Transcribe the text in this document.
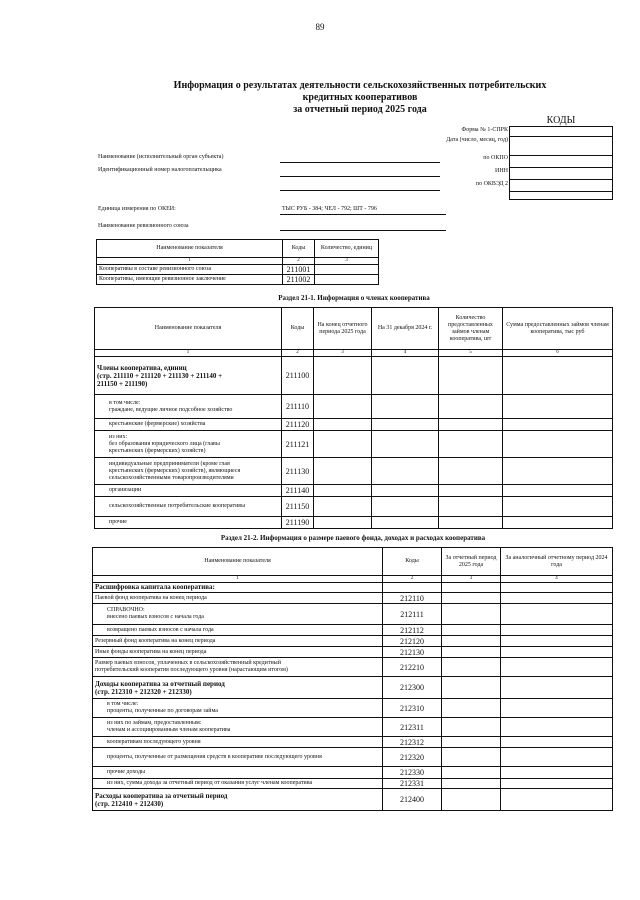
89
Информация о результатах деятельности сельскохозяйственных потребительских
кредитных кооперативов
за отчетный период 2025 года
КОДЫ
Форма № 1-СПРК
Дата (число, месяц, год)
по ОКПО
ИНН
по ОКВЭД 2

Наименование (исполнительный орган субъекта)
Идентификационный номер налогоплательщика
Единица измерения по ОКЕИ:	ТЫС РУБ - 384; ЧЕЛ - 792; ШТ - 796
Наименование ревизионного союза
Наименование показателя	Коды	Количество, единиц
1	2	3
Кооперативы в составе ревизионного союза	211001	
Кооперативы, имеющие ревизионное заключение	211002	
Раздел 21-1. Информация о членах кооператива
Наименование показателя	Коды	На конец отчетного периода 2025 года	На 31 декабря 2024 г.	Количество предоставленных займов членам кооператива, шт	Сумма предоставленных займов членам кооператива, тыс руб
1	2	3	4	5	6

Члены кооператива, единиц
(стр. 211110 + 211120 + 211130 + 211140 +
211150 + 211190)	211100				

в том числе:
граждане, ведущие личное подсобное хозяйство	211110				
крестьянские (фермерские) хозяйства	211120				

из них:
без образования юридического лица (главы
крестьянских (фермерских) хозяйств)	211121				

индивидуальные предприниматели (кроме глав
крестьянских (фермерских) хозяйств), являющиеся
сельскохозяйственными товаропроизводителями	211130				
организации	211140				
сельскохозяйственные потребительские кооперативы	211150				
прочие	211190				
Раздел 21-2. Информация о размере паевого фонда, доходах и расходах кооператива
Наименование показателя	Коды	За отчетный период 2025 года	За аналогичный отчетному период 2024 года
1	2	3	4
Расшифровка капитала кооператива:			
Паевой фонд кооператива на конец периода	212110		

СПРАВОЧНО:
внесено паевых взносов с начала года	212111		
возвращено паевых взносов с начала года	212112		
Резервный фонд кооператива на конец периода	212120		
Иные фонды кооператива на конец периода	212130		

Размер паевых взносов, уплаченных в сельскохозяйственный кредитный
потребительский кооператив последующего уровня (нарастающим итогом)	212210		

Доходы кооператива за отчетный период
(стр. 212310 + 212320 + 212330)	212300		

в том числе:
проценты, полученные по договорам займа	212310		

из них по займам, предоставленным:
членам и ассоциированным членам кооператива	212311		
кооперативам последующего уровня	212312		
проценты, полученные от размещения средств в кооперативе последующего уровня	212320		
прочие доходы	212330		
из них, сумма дохода за отчетный период от оказания услуг членам кооператива	212331		

Расходы кооператива за отчетный период
(стр. 212410 + 212430)	212400		
